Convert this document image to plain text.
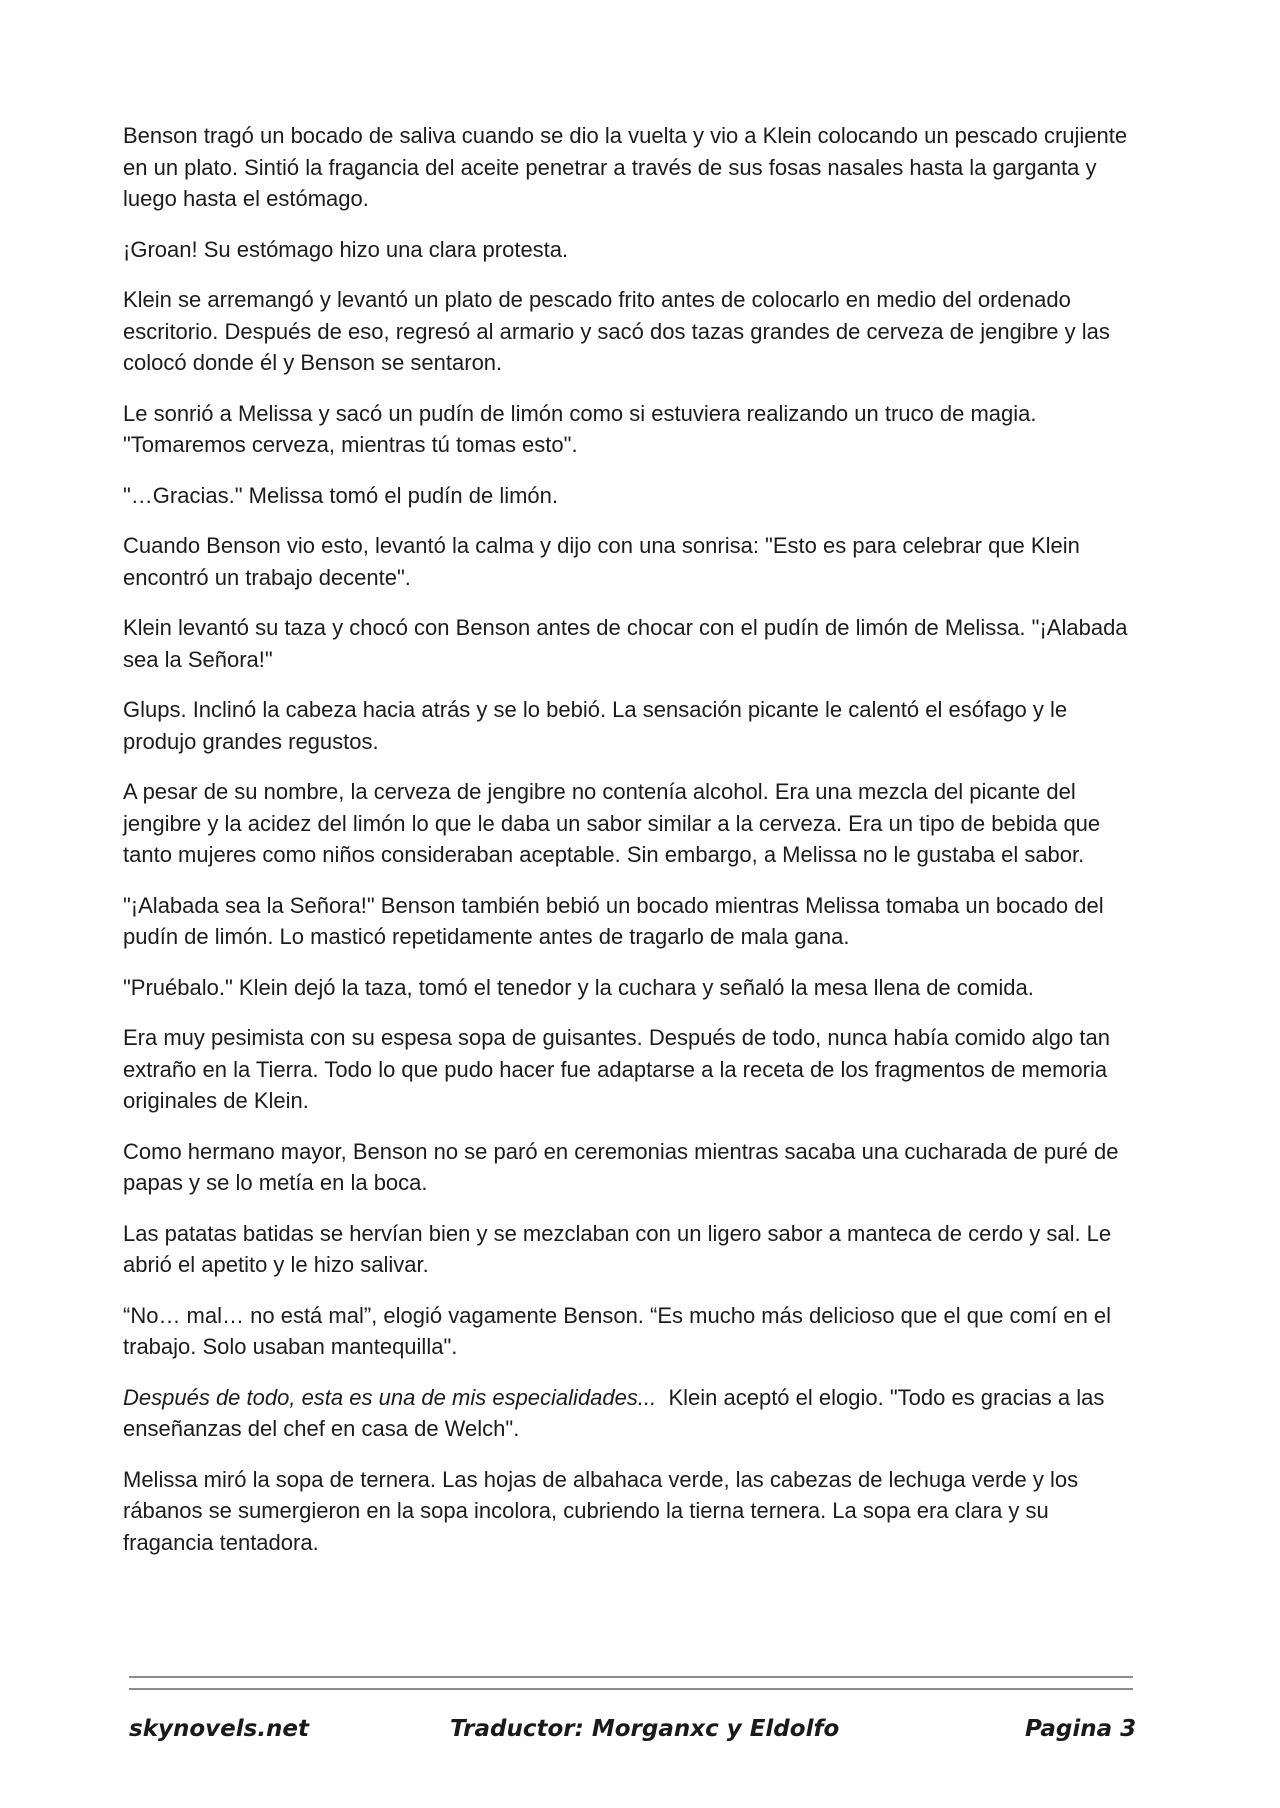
Benson tragó un bocado de saliva cuando se dio la vuelta y vio a Klein colocando un pescado crujiente en un plato. Sintió la fragancia del aceite penetrar a través de sus fosas nasales hasta la garganta y luego hasta el estómago.

¡Groan! Su estómago hizo una clara protesta.

Klein se arremangó y levantó un plato de pescado frito antes de colocarlo en medio del ordenado escritorio. Después de eso, regresó al armario y sacó dos tazas grandes de cerveza de jengibre y las colocó donde él y Benson se sentaron.

Le sonrió a Melissa y sacó un pudín de limón como si estuviera realizando un truco de magia. "Tomaremos cerveza, mientras tú tomas esto".

"…Gracias." Melissa tomó el pudín de limón.

Cuando Benson vio esto, levantó la calma y dijo con una sonrisa: "Esto es para celebrar que Klein encontró un trabajo decente".

Klein levantó su taza y chocó con Benson antes de chocar con el pudín de limón de Melissa. "¡Alabada sea la Señora!"

Glups. Inclinó la cabeza hacia atrás y se lo bebió. La sensación picante le calentó el esófago y le produjo grandes regustos.

A pesar de su nombre, la cerveza de jengibre no contenía alcohol. Era una mezcla del picante del jengibre y la acidez del limón lo que le daba un sabor similar a la cerveza. Era un tipo de bebida que tanto mujeres como niños consideraban aceptable. Sin embargo, a Melissa no le gustaba el sabor.

"¡Alabada sea la Señora!" Benson también bebió un bocado mientras Melissa tomaba un bocado del pudín de limón. Lo masticó repetidamente antes de tragarlo de mala gana.

"Pruébalo." Klein dejó la taza, tomó el tenedor y la cuchara y señaló la mesa llena de comida.

Era muy pesimista con su espesa sopa de guisantes. Después de todo, nunca había comido algo tan extraño en la Tierra. Todo lo que pudo hacer fue adaptarse a la receta de los fragmentos de memoria originales de Klein.

Como hermano mayor, Benson no se paró en ceremonias mientras sacaba una cucharada de puré de papas y se lo metía en la boca.

Las patatas batidas se hervían bien y se mezclaban con un ligero sabor a manteca de cerdo y sal. Le abrió el apetito y le hizo salivar.

“No… mal… no está mal”, elogió vagamente Benson. “Es mucho más delicioso que el que comí en el trabajo. Solo usaban mantequilla".

Después de todo, esta es una de mis especialidades...  Klein aceptó el elogio. "Todo es gracias a las enseñanzas del chef en casa de Welch".

Melissa miró la sopa de ternera. Las hojas de albahaca verde, las cabezas de lechuga verde y los rábanos se sumergieron en la sopa incolora, cubriendo la tierna ternera. La sopa era clara y su fragancia tentadora.

skynovels.net	Traductor: Morganxc y Eldolfo	Pagina 3
